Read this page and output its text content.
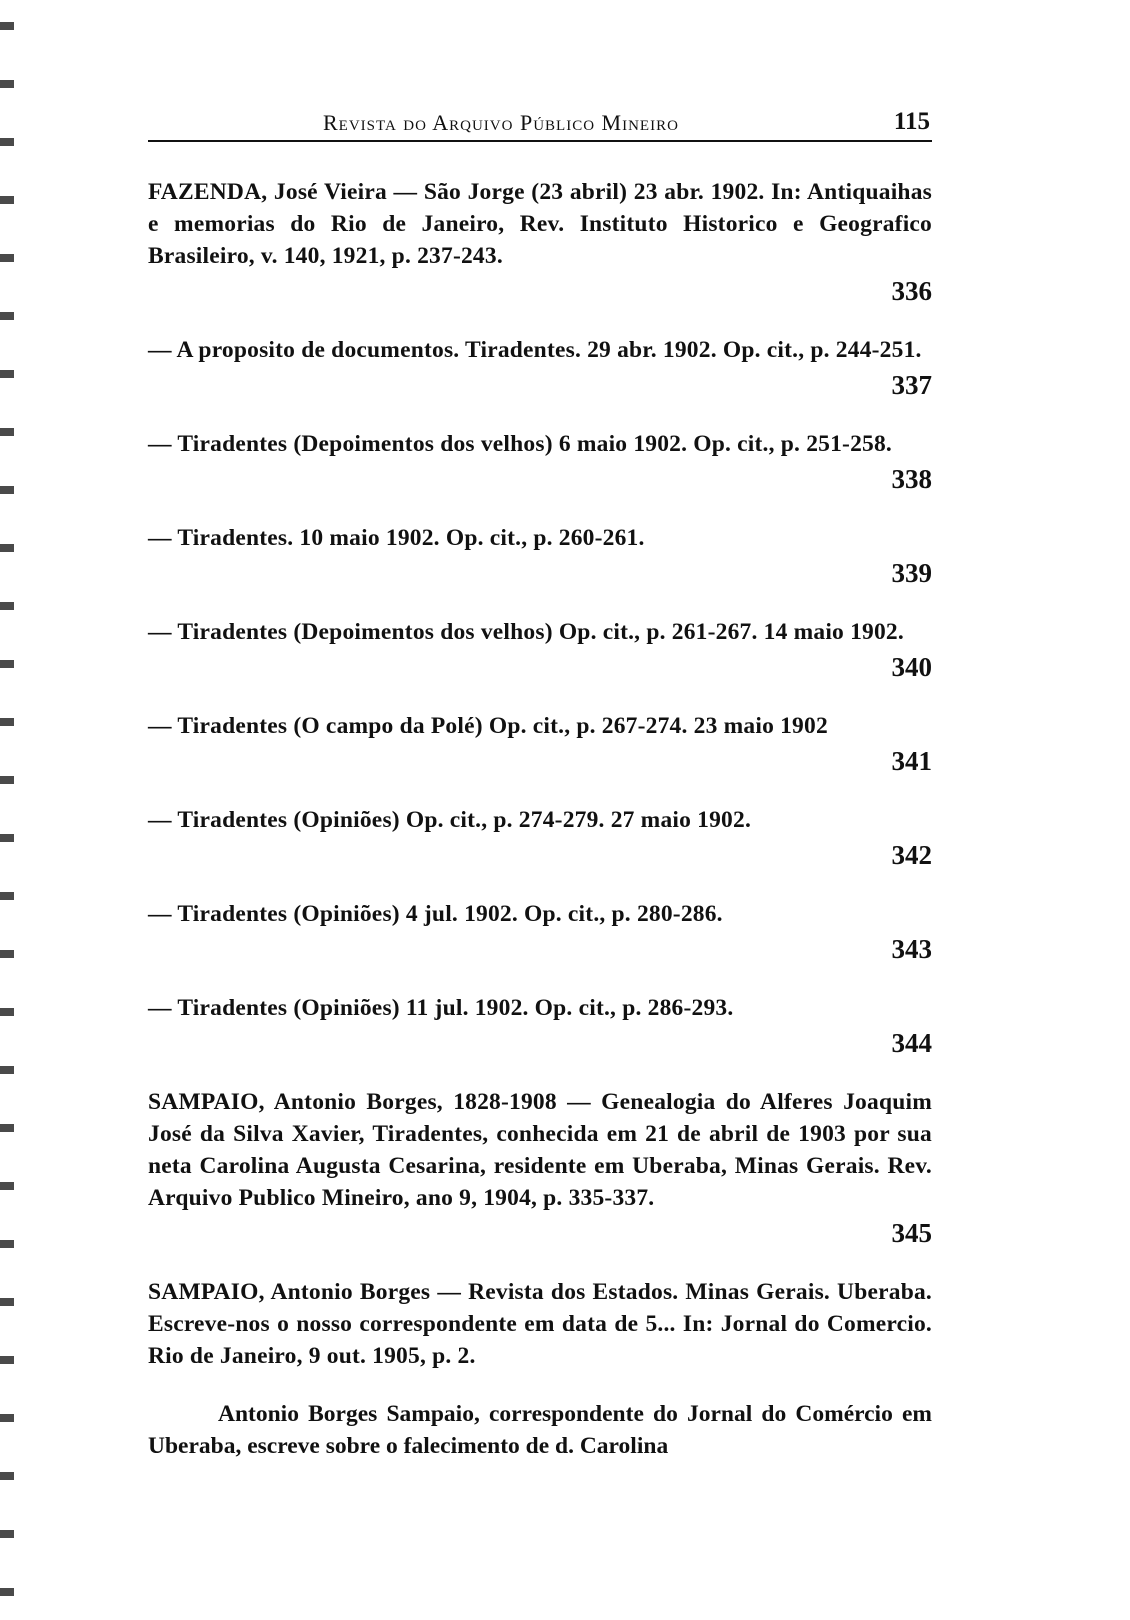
Revista do Arquivo Público Mineiro	115

FAZENDA, José Vieira — São Jorge (23 abril) 23 abr. 1902. In: Antiquaihas e memorias do Rio de Janeiro, Rev. Instituto Historico e Geografico Brasileiro, v. 140, 1921, p. 237-243.

336

— A proposito de documentos. Tiradentes. 29 abr. 1902. Op. cit., p. 244-251.

337

— Tiradentes (Depoimentos dos velhos) 6 maio 1902. Op. cit., p. 251-258.

338

— Tiradentes. 10 maio 1902. Op. cit., p. 260-261.

339

— Tiradentes (Depoimentos dos velhos) Op. cit., p. 261-267. 14 maio 1902.

340

— Tiradentes (O campo da Polé) Op. cit., p. 267-274. 23 maio 1902

341

— Tiradentes (Opiniões) Op. cit., p. 274-279. 27 maio 1902.

342

— Tiradentes (Opiniões) 4 jul. 1902. Op. cit., p. 280-286.

343

— Tiradentes (Opiniões) 11 jul. 1902. Op. cit., p. 286-293.

344

SAMPAIO, Antonio Borges, 1828-1908 — Genealogia do Alferes Joaquim José da Silva Xavier, Tiradentes, conhecida em 21 de abril de 1903 por sua neta Carolina Augusta Cesarina, residente em Uberaba, Minas Gerais. Rev. Arquivo Publico Mineiro, ano 9, 1904, p. 335-337.

345

SAMPAIO, Antonio Borges — Revista dos Estados. Minas Gerais. Uberaba. Escreve-nos o nosso correspondente em data de 5... In: Jornal do Comercio. Rio de Janeiro, 9 out. 1905, p. 2.

Antonio Borges Sampaio, correspondente do Jornal do Comércio em Uberaba, escreve sobre o falecimento de d. Carolina
